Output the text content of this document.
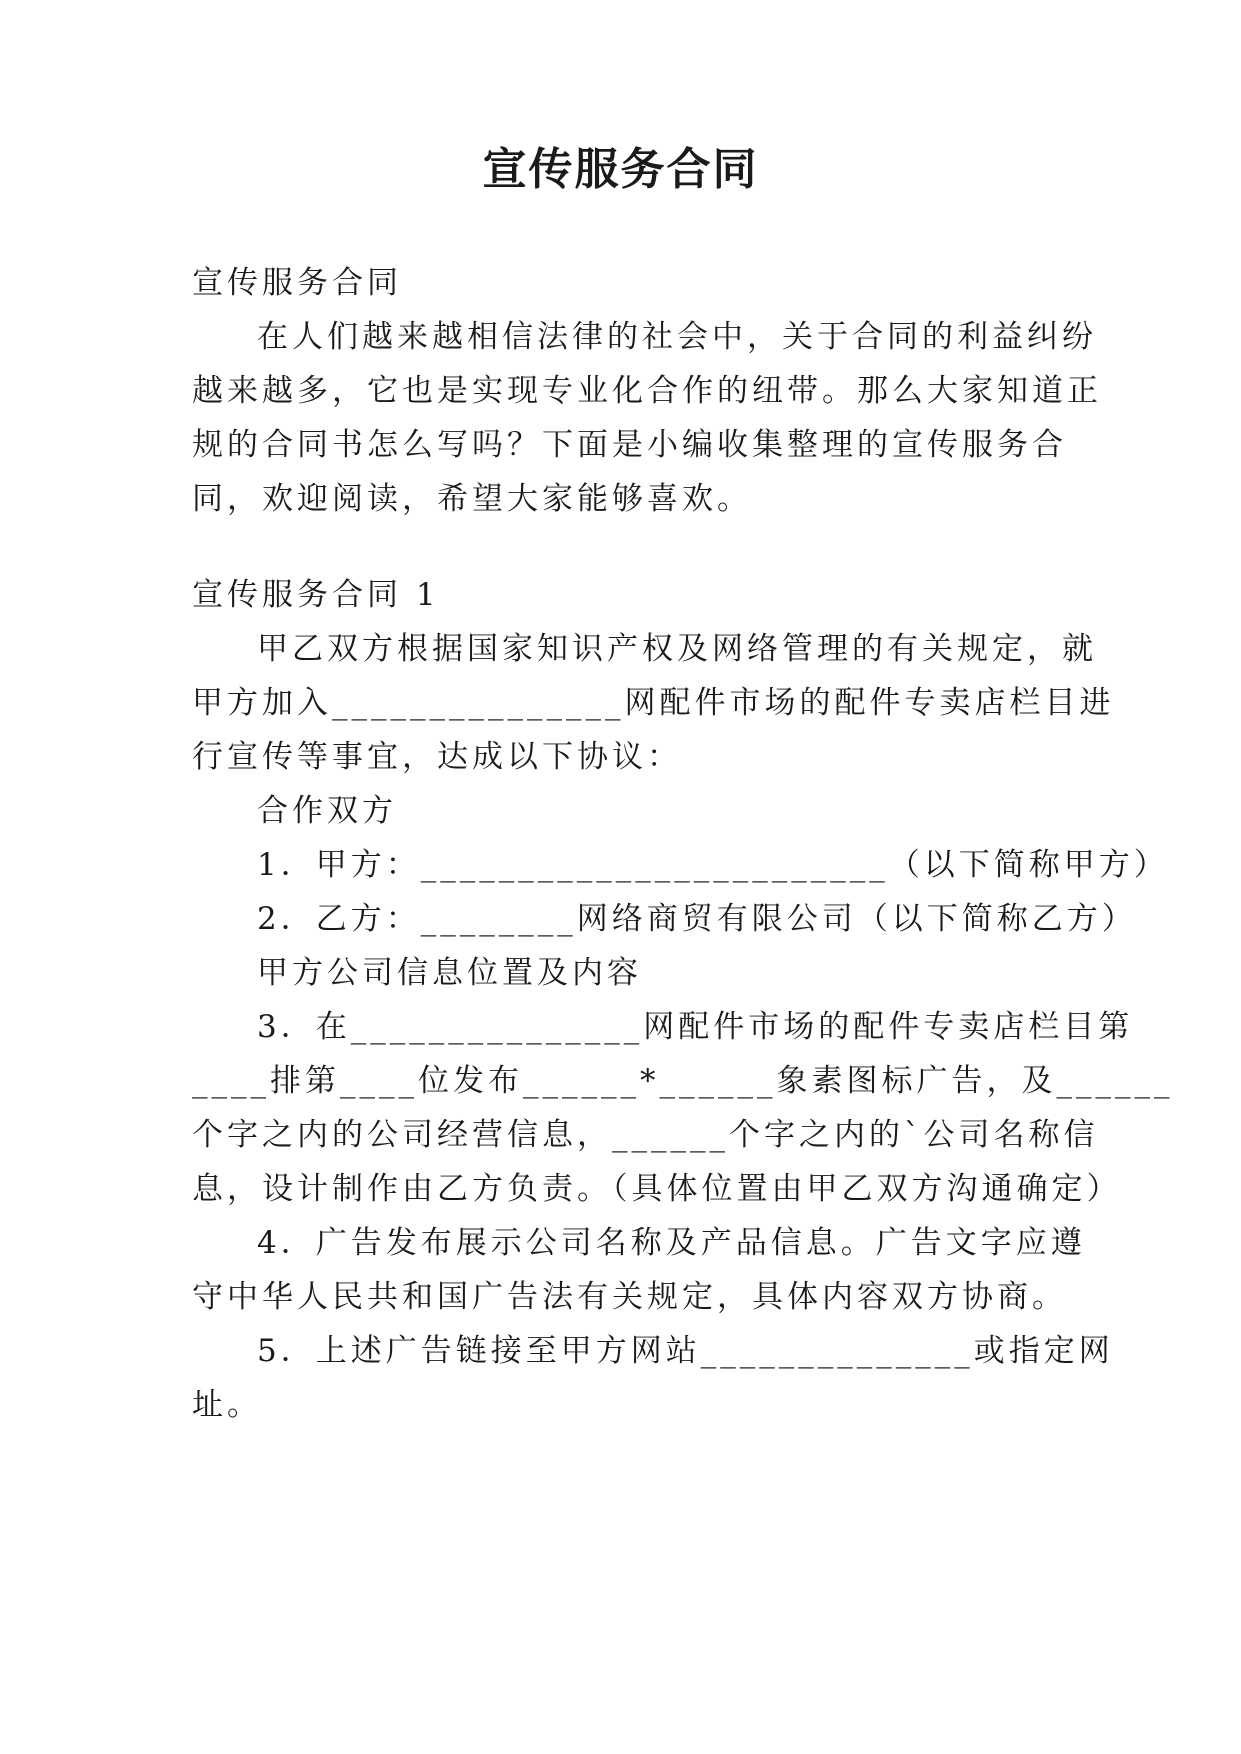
宣传服务合同
宣传服务合同
在人们越来越相信法律的社会中，关于合同的利益纠纷
越来越多，它也是实现专业化合作的纽带。那么大家知道正
规的合同书怎么写吗？下面是小编收集整理的宣传服务合
同，欢迎阅读，希望大家能够喜欢。
宣传服务合同 1
甲乙双方根据国家知识产权及网络管理的有关规定，就
甲方加入_______________网配件市场的配件专卖店栏目进
行宣传等事宜，达成以下协议：
合作双方
1．甲方：________________________（以下简称甲方）
2．乙方：________网络商贸有限公司（以下简称乙方）
甲方公司信息位置及内容
3．在_______________网配件市场的配件专卖店栏目第
____排第____位发布______*______象素图标广告，及______
个字之内的公司经营信息，______个字之内的`公司名称信
息，设计制作由乙方负责。（具体位置由甲乙双方沟通确定）
4．广告发布展示公司名称及产品信息。广告文字应遵
守中华人民共和国广告法有关规定，具体内容双方协商。
5．上述广告链接至甲方网站______________或指定网
址。
